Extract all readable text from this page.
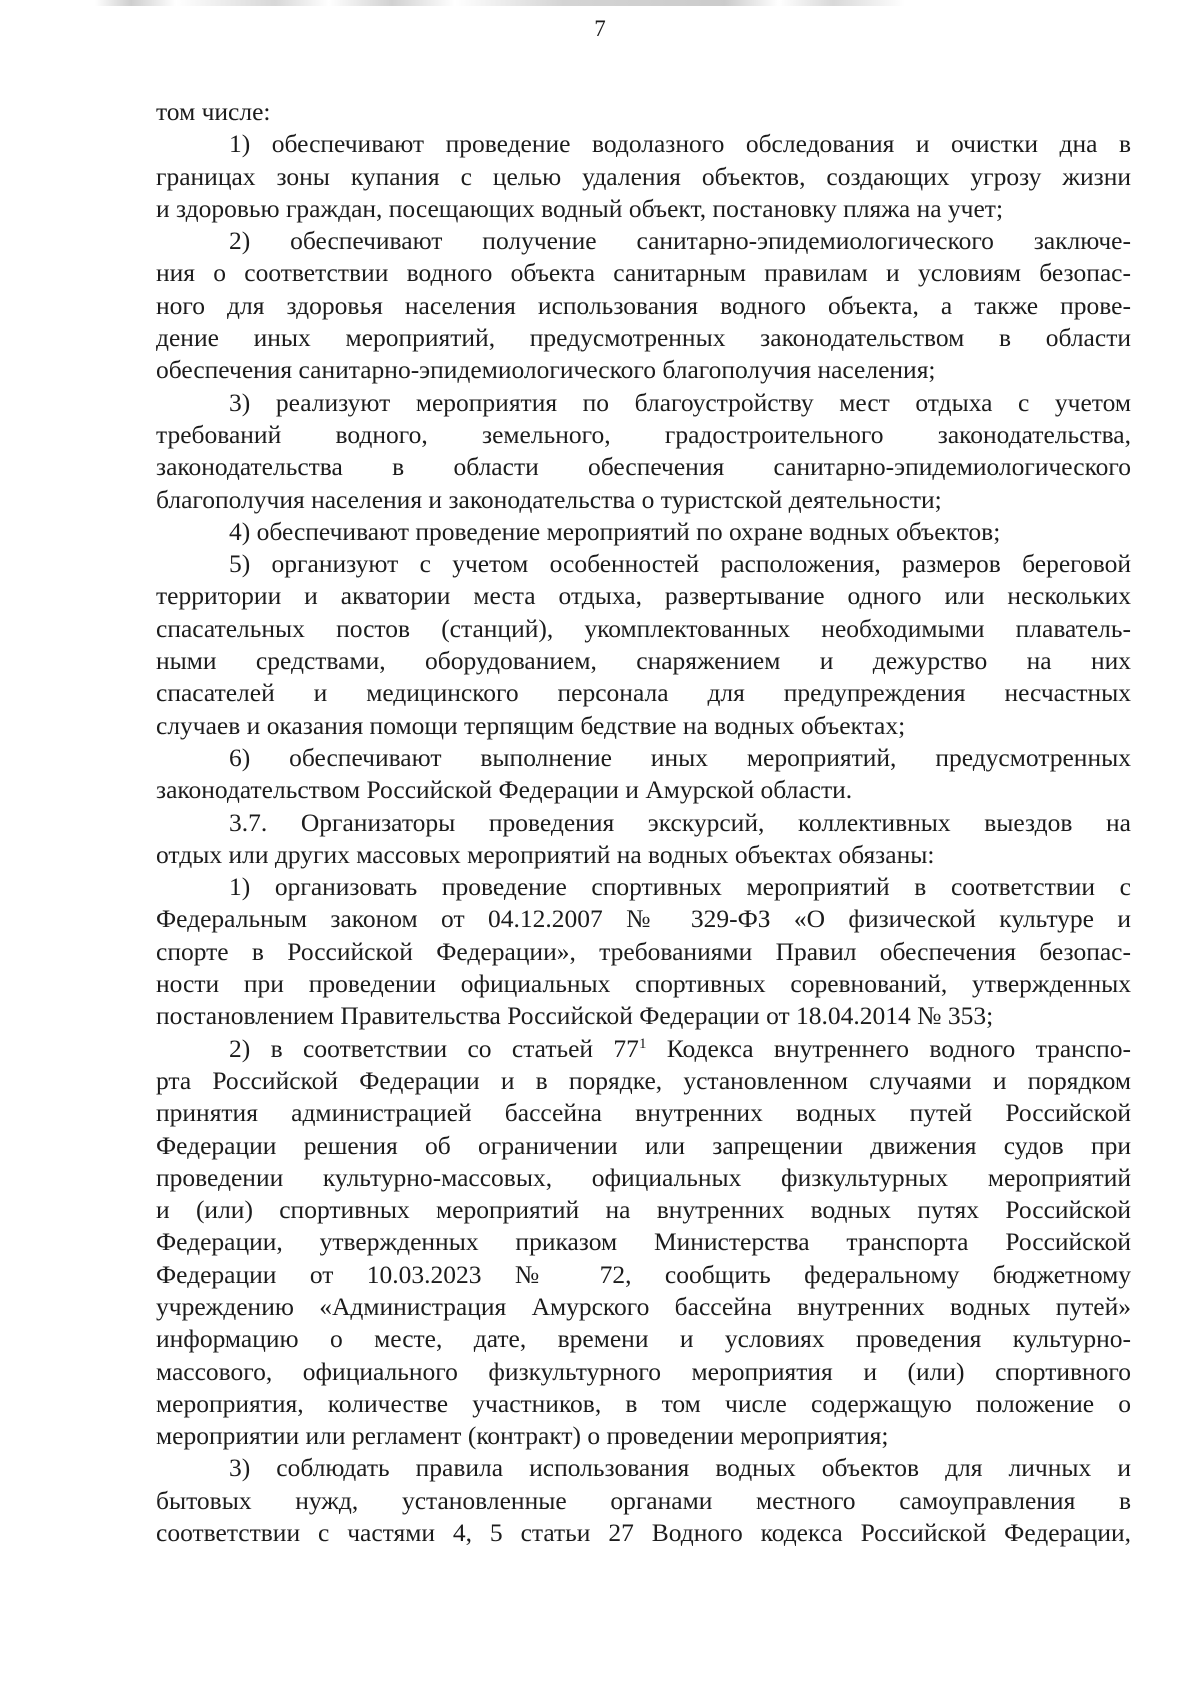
7

том числе:

1) обеспечивают проведение водолазного обследования и очистки дна в

границах зоны купания с целью удаления объектов, создающих угрозу жизни

и здоровью граждан, посещающих водный объект, постановку пляжа на учет;

2) обеспечивают получение санитарно-эпидемиологического заключе-

ния о соответствии водного объекта санитарным правилам и условиям безопас-

ного для здоровья населения использования водного объекта, а также прове-

дение иных мероприятий, предусмотренных законодательством в области

обеспечения санитарно-эпидемиологического благополучия населения;

3) реализуют мероприятия по благоустройству мест отдыха с учетом

требований водного, земельного, градостроительного законодательства,

законодательства в области обеспечения санитарно-эпидемиологического

благополучия населения и законодательства о туристской деятельности;

4) обеспечивают проведение мероприятий по охране водных объектов;

5) организуют с учетом особенностей расположения, размеров береговой

территории и акватории места отдыха, развертывание одного или нескольких

спасательных постов (станций), укомплектованных необходимыми плаватель-

ными средствами, оборудованием, снаряжением и дежурство на них

спасателей и медицинского персонала для предупреждения несчастных

случаев и оказания помощи терпящим бедствие на водных объектах;

6) обеспечивают выполнение иных мероприятий, предусмотренных

законодательством Российской Федерации и Амурской области.

3.7. Организаторы проведения экскурсий, коллективных выездов на

отдых или других массовых мероприятий на водных объектах обязаны:

1) организовать проведение спортивных мероприятий в соответствии с

Федеральным законом от 04.12.2007 № 329-ФЗ «О физической культуре и

спорте в Российской Федерации», требованиями Правил обеспечения безопас-

ности при проведении официальных спортивных соревнований, утвержденных

постановлением Правительства Российской Федерации от 18.04.2014 № 353;

2) в соответствии со статьей $77^1$ Кодекса внутреннего водного транспо-

рта Российской Федерации и в порядке, установленном случаями и порядком

принятия администрацией бассейна внутренних водных путей Российской

Федерации решения об ограничении или запрещении движения судов при

проведении культурно-массовых, официальных физкультурных мероприятий

и (или) спортивных мероприятий на внутренних водных путях Российской

Федерации, утвержденных приказом Министерства транспорта Российской

Федерации от 10.03.2023 № 72, сообщить федеральному бюджетному

учреждению «Администрация Амурского бассейна внутренних водных путей»

информацию о месте, дате, времени и условиях проведения культурно-

массового, официального физкультурного мероприятия и (или) спортивного

мероприятия, количестве участников, в том числе содержащую положение о

мероприятии или регламент (контракт) о проведении мероприятия;

3) соблюдать правила использования водных объектов для личных и

бытовых нужд, установленные органами местного самоуправления в

соответствии с частями 4, 5 статьи 27 Водного кодекса Российской Федерации,
